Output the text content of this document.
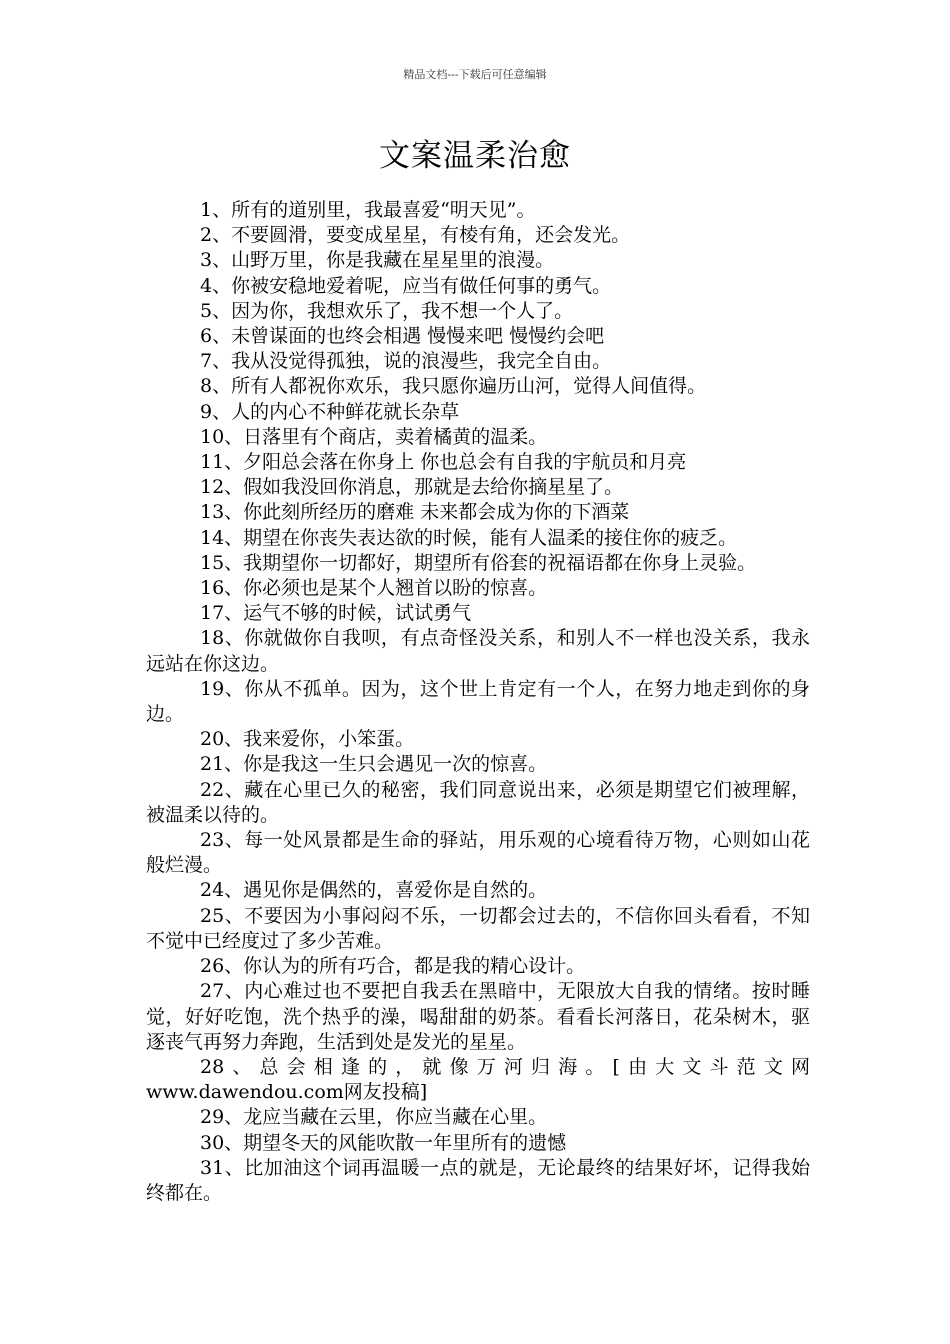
精品文档---下载后可任意编辑
文案温柔治愈

1、所有的道别里，我最喜爱“明天见”。

2、不要圆滑，要变成星星，有棱有角，还会发光。

3、山野万里，你是我藏在星星里的浪漫。

4、你被安稳地爱着呢，应当有做任何事的勇气。

5、因为你，我想欢乐了，我不想一个人了。

6、未曾谋面的也终会相遇 慢慢来吧 慢慢约会吧

7、我从没觉得孤独，说的浪漫些，我完全自由。

8、所有人都祝你欢乐，我只愿你遍历山河，觉得人间值得。

9、人的内心不种鲜花就长杂草

10、日落里有个商店，卖着橘黄的温柔。

11、夕阳总会落在你身上 你也总会有自我的宇航员和月亮

12、假如我没回你消息，那就是去给你摘星星了。

13、你此刻所经历的磨难 未来都会成为你的下酒菜

14、期望在你丧失表达欲的时候，能有人温柔的接住你的疲乏。

15、我期望你一切都好，期望所有俗套的祝福语都在你身上灵验。

16、你必须也是某个人翘首以盼的惊喜。

17、运气不够的时候，试试勇气

18、你就做你自我呗，有点奇怪没关系，和别人不一样也没关系，我永远站在你这边。

19、你从不孤单。因为，这个世上肯定有一个人，在努力地走到你的身边。

20、我来爱你，小笨蛋。

21、你是我这一生只会遇见一次的惊喜。

22、藏在心里已久的秘密，我们同意说出来，必须是期望它们被理解，被温柔以待的。

23、每一处风景都是生命的驿站，用乐观的心境看待万物，心则如山花般烂漫。

24、遇见你是偶然的，喜爱你是自然的。

25、不要因为小事闷闷不乐，一切都会过去的，不信你回头看看，不知不觉中已经度过了多少苦难。

26、你认为的所有巧合，都是我的精心设计。

27、内心难过也不要把自我丢在黑暗中，无限放大自我的情绪。按时睡觉，好好吃饱，洗个热乎的澡，喝甜甜的奶茶。看看长河落日，花朵树木，驱逐丧气再努力奔跑，生活到处是发光的星星。

28、总会相逢的，就像万河归海。[由大文斗范文网www.dawendou.com网友投稿]

29、龙应当藏在云里，你应当藏在心里。

30、期望冬天的风能吹散一年里所有的遗憾

31、比加油这个词再温暖一点的就是，无论最终的结果好坏，记得我始终都在。
